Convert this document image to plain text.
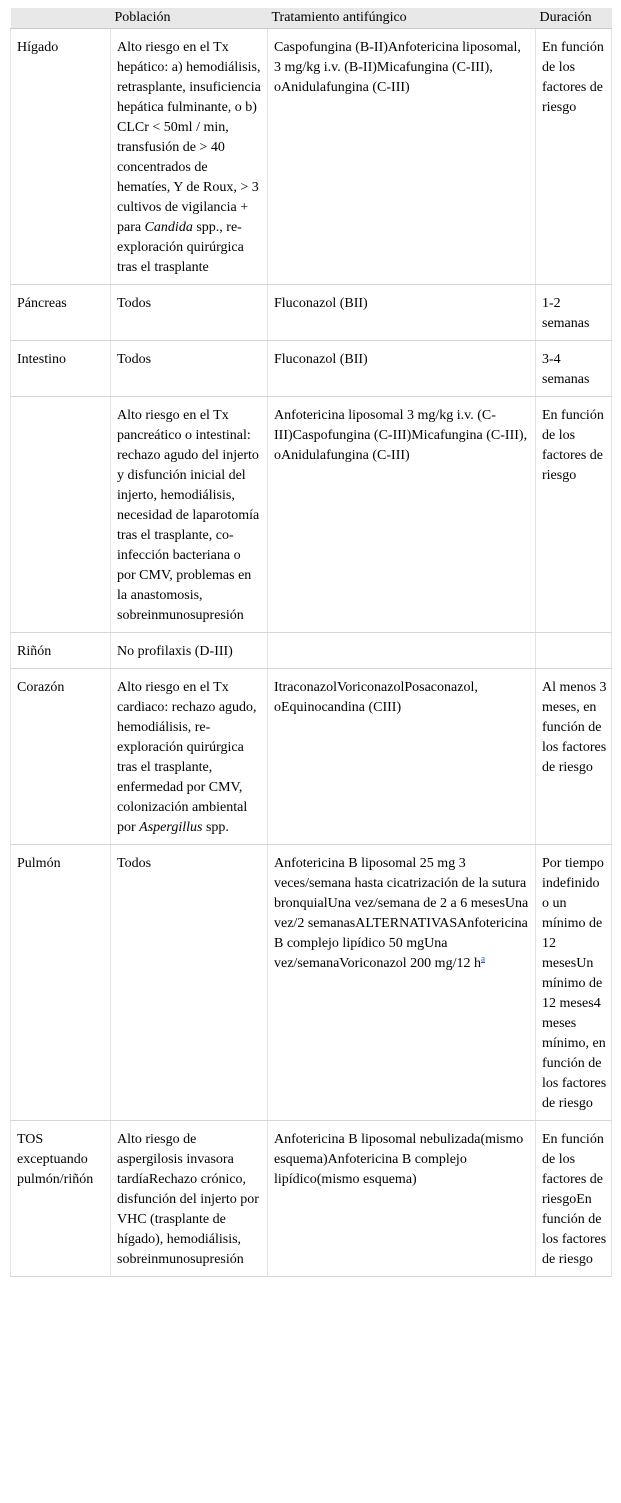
	Población	Tratamiento antifúngico	Duración
Hígado	Alto riesgo en el Tx hepático: a) hemodiálisis, retrasplante, insuficiencia hepática fulminante, o b) CLCr < 50ml / min, transfusión de > 40 concentrados de hematíes, Y de Roux, > 3 cultivos de vigilancia + para Candida spp., re-exploración quirúrgica tras el trasplante	Caspofungina (B-II)Anfotericina liposomal, 3 mg/kg i.v. (B-II)Micafungina (C-III), oAnidulafungina (C-III)	En función de los factores de riesgo
Páncreas	Todos	Fluconazol (BII)	1-2 semanas
Intestino	Todos	Fluconazol (BII)	3-4 semanas
	Alto riesgo en el Tx pancreático o intestinal: rechazo agudo del injerto y disfunción inicial del injerto, hemodiálisis, necesidad de laparotomía tras el trasplante, co-infección bacteriana o por CMV, problemas en la anastomosis, sobreinmunosupresión	Anfotericina liposomal 3 mg/kg i.v. (C-III)Caspofungina (C-III)Micafungina (C-III), oAnidulafungina (C-III)	En función de los factores de riesgo
Riñón	No profilaxis (D-III)		
Corazón	Alto riesgo en el Tx cardiaco: rechazo agudo, hemodiálisis, re-exploración quirúrgica tras el trasplante, enfermedad por CMV, colonización ambiental por Aspergillus spp.	ItraconazolVoriconazolPosaconazol, oEquinocandina (CIII)	Al menos 3 meses, en función de los factores de riesgo
Pulmón	Todos	Anfotericina B liposomal 25 mg 3 veces/semana hasta cicatrización de la sutura bronquialUna vez/semana de 2 a 6 mesesUna vez/2 semanasALTERNATIVASAnfotericina B complejo lipídico 50 mgUna vez/semanaVoriconazol 200 mg/12 h$^a$	Por tiempo indefinido o un mínimo de 12 mesesUn mínimo de 12 meses4 meses mínimo, en función de los factores de riesgo
TOS exceptuando pulmón/riñón	Alto riesgo de aspergilosis invasora tardíaRechazo crónico, disfunción del injerto por VHC (trasplante de hígado), hemodiálisis, sobreinmunosupresión	Anfotericina B liposomal nebulizada(mismo esquema)Anfotericina B complejo lipídico(mismo esquema)	En función de los factores de riesgoEn función de los factores de riesgo
